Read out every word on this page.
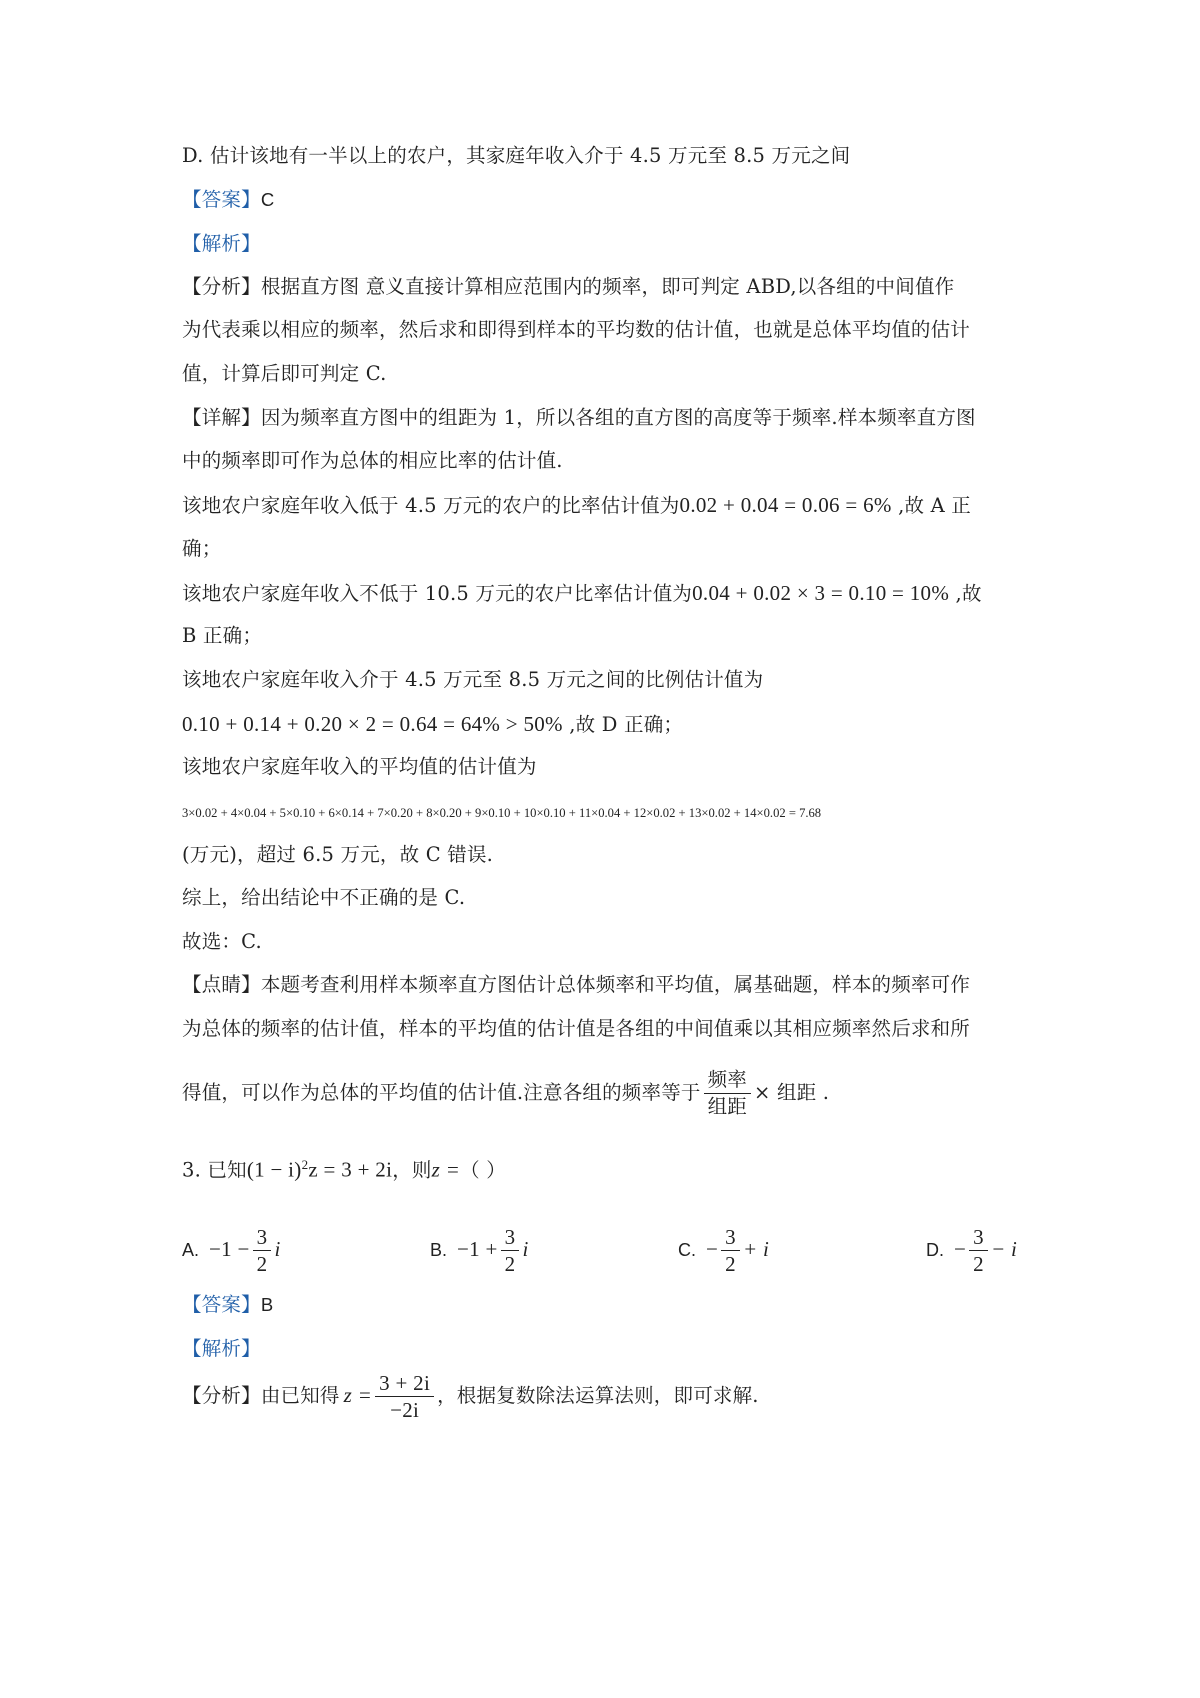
D. 估计该地有一半以上的农户，其家庭年收入介于 4.5 万元至 8.5 万元之间
【答案】C
【解析】
【分析】根据直方图 意义直接计算相应范围内的频率，即可判定 ABD,以各组的中间值作
为代表乘以相应的频率，然后求和即得到样本的平均数的估计值，也就是总体平均值的估计
值，计算后即可判定 C.
【详解】因为频率直方图中的组距为 1，所以各组的直方图的高度等于频率.样本频率直方图
中的频率即可作为总体的相应比率的估计值.
该地农户家庭年收入低于 4.5 万元的农户的比率估计值为0.02 + 0.04 = 0.06 = 6% ,故 A 正
确；
该地农户家庭年收入不低于 10.5 万元的农户比率估计值为0.04 + 0.02 × 3 = 0.10 = 10% ,故
B 正确；
该地农户家庭年收入介于 4.5 万元至 8.5 万元之间的比例估计值为
0.10 + 0.14 + 0.20 × 2 = 0.64 = 64% > 50% ,故 D 正确；
该地农户家庭年收入的平均值的估计值为
3×0.02 + 4×0.04 + 5×0.10 + 6×0.14 + 7×0.20 + 8×0.20 + 9×0.10 + 10×0.10 + 11×0.04 + 12×0.02 + 13×0.02 + 14×0.02 = 7.68
(万元)，超过 6.5 万元，故 C 错误.
综上，给出结论中不正确的是 C.
故选：C.
【点睛】本题考查利用样本频率直方图估计总体频率和平均值，属基础题，样本的频率可作
为总体的频率的估计值，样本的平均值的估计值是各组的中间值乘以其相应频率然后求和所
得值，可以作为总体的平均值的估计值.注意各组的频率等于 $\frac{\text{频率}}{\text{组距}}$ × 组距 .
3. 已知$(1 - i)^2z = 3 + 2i$，则z =（ ）
A. $-1 - \frac{3}{2}$ i	B. $-1 + \frac{3}{2}$ i	C. − $\frac{3}{2} + i$	D. − $\frac{3}{2} - i$
【答案】B
【解析】
【分析】由已知得 $z = \frac{3 + 2i}{-2i}$ ，根据复数除法运算法则，即可求解.
